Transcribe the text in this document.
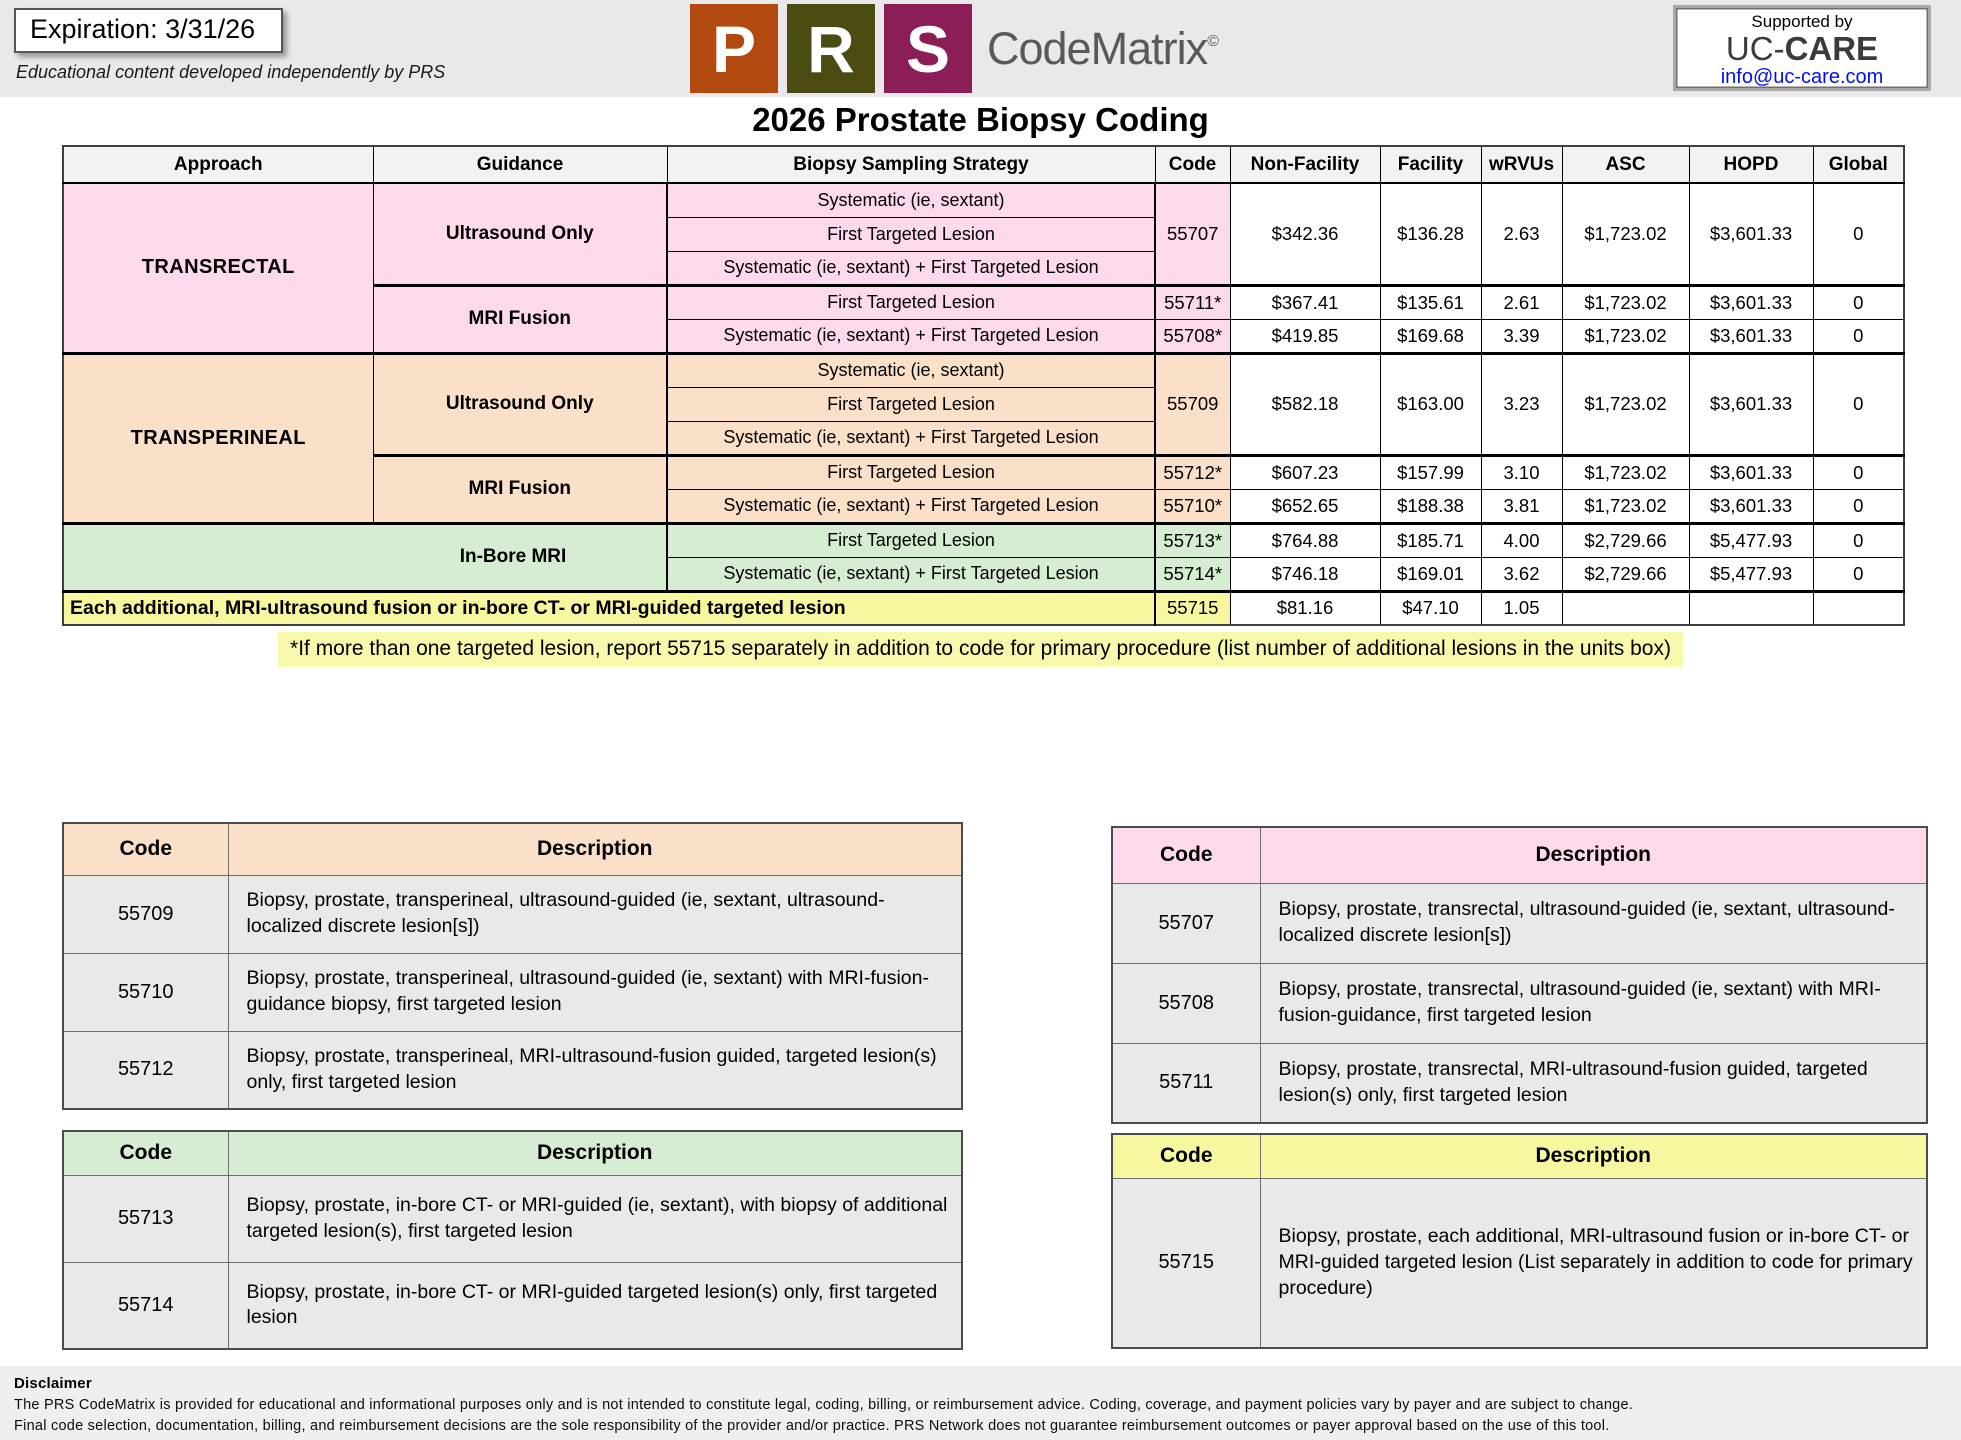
Expiration: 3/31/26
Educational content developed independently by PRS	P R S CodeMatrix©
Supported by
UC-CARE
info@uc-care.com
2026 Prostate Biopsy Coding
Approach	Guidance	Biopsy Sampling Strategy	Code	Non-Facility	Facility	wRVUs	ASC	HOPD	Global
TRANSRECTAL	Ultrasound Only	Systematic (ie, sextant)	55707	$342.36	$136.28	2.63	$1,723.02	$3,601.33	0
		First Targeted Lesion							
		Systematic (ie, sextant) + First Targeted Lesion							
	MRI Fusion	First Targeted Lesion	55711*	$367.41	$135.61	2.61	$1,723.02	$3,601.33	0
		Systematic (ie, sextant) + First Targeted Lesion	55708*	$419.85	$169.68	3.39	$1,723.02	$3,601.33	0
TRANSPERINEAL	Ultrasound Only	Systematic (ie, sextant)	55709	$582.18	$163.00	3.23	$1,723.02	$3,601.33	0
		First Targeted Lesion							
		Systematic (ie, sextant) + First Targeted Lesion							
	MRI Fusion	First Targeted Lesion	55712*	$607.23	$157.99	3.10	$1,723.02	$3,601.33	0
		Systematic (ie, sextant) + First Targeted Lesion	55710*	$652.65	$188.38	3.81	$1,723.02	$3,601.33	0
In-Bore MRI		First Targeted Lesion	55713*	$764.88	$185.71	4.00	$2,729.66	$5,477.93	0
		Systematic (ie, sextant) + First Targeted Lesion	55714*	$746.18	$169.01	3.62	$2,729.66	$5,477.93	0
Each additional, MRI-ultrasound fusion or in-bore CT- or MRI-guided targeted lesion			55715	$81.16	$47.10	1.05			
*If more than one targeted lesion, report 55715 separately in addition to code for primary procedure (list number of additional lesions in the units box)
Code	Description
55709	Biopsy, prostate, transperineal, ultrasound-guided (ie, sextant, ultrasound-localized discrete lesion[s])
55710	Biopsy, prostate, transperineal, ultrasound-guided (ie, sextant) with MRI-fusion-guidance biopsy, first targeted lesion
55712	Biopsy, prostate, transperineal, MRI-ultrasound-fusion guided, targeted lesion(s) only, first targeted lesion
Code	Description
55707	Biopsy, prostate, transrectal, ultrasound-guided (ie, sextant, ultrasound-localized discrete lesion[s])
55708	Biopsy, prostate, transrectal, ultrasound-guided (ie, sextant) with MRI-fusion-guidance, first targeted lesion
55711	Biopsy, prostate, transrectal, MRI-ultrasound-fusion guided, targeted lesion(s) only, first targeted lesion
Code	Description
55713	Biopsy, prostate, in-bore CT- or MRI-guided (ie, sextant), with biopsy of additional targeted lesion(s), first targeted lesion
55714	Biopsy, prostate, in-bore CT- or MRI-guided targeted lesion(s) only, first targeted lesion
Code	Description
55715	Biopsy, prostate, each additional, MRI-ultrasound fusion or in-bore CT- or MRI-guided targeted lesion (List separately in addition to code for primary procedure)
Disclaimer
The PRS CodeMatrix is provided for educational and informational purposes only and is not intended to constitute legal, coding, billing, or reimbursement advice. Coding, coverage, and payment policies vary by payer and are subject to change.
Final code selection, documentation, billing, and reimbursement decisions are the sole responsibility of the provider and/or practice. PRS Network does not guarantee reimbursement outcomes or payer approval based on the use of this tool.
